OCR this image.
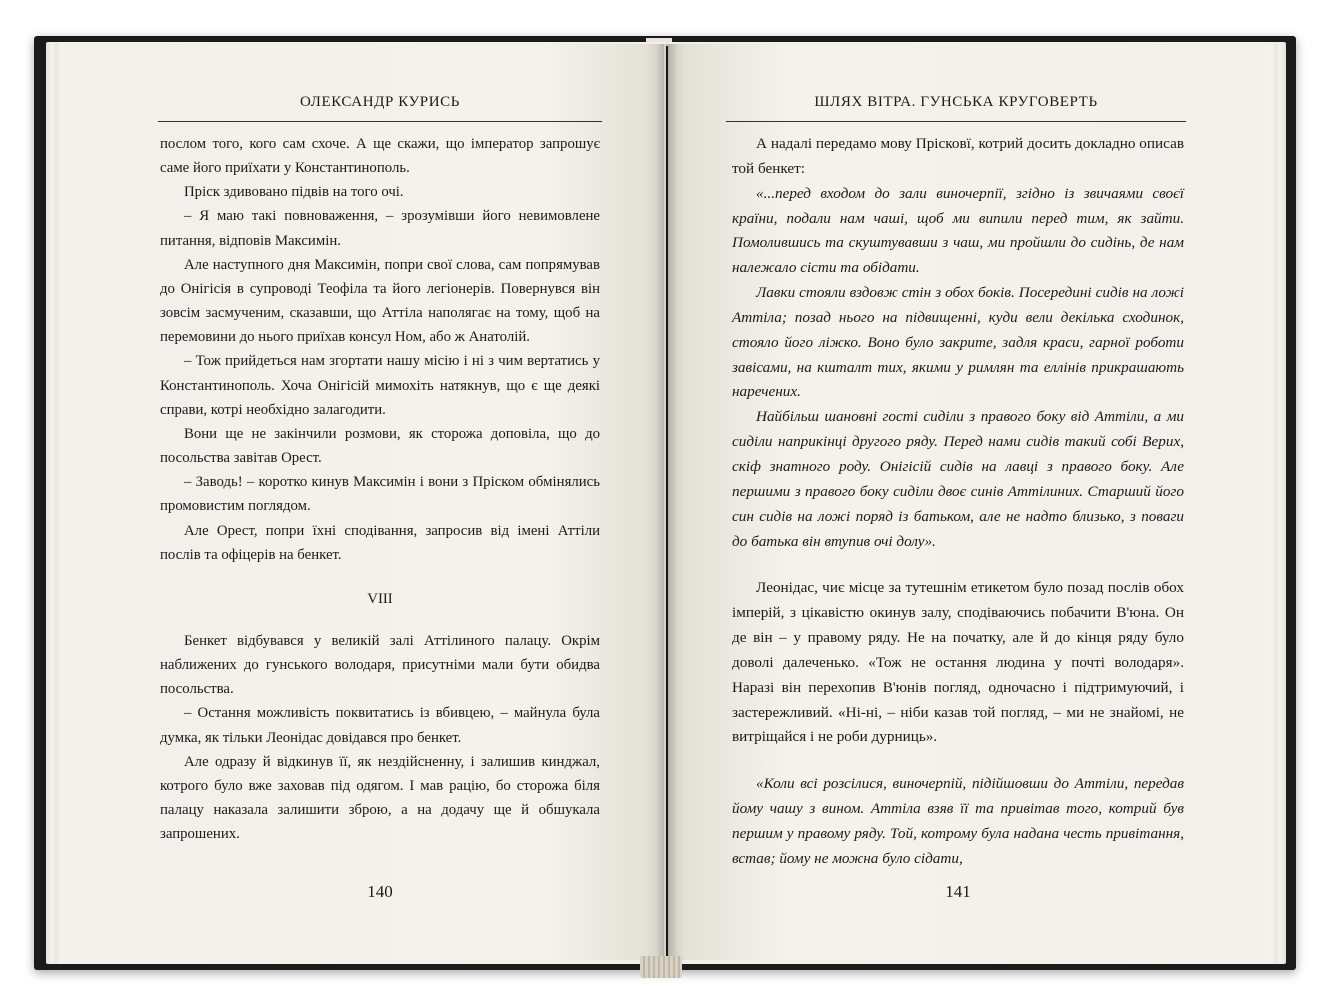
ОЛЕКСАНДР КУРИСЬ

послом того, кого сам схоче. А ще скажи, що імператор запрошує саме його приїхати у Константинополь.

Пріск здивовано підвів на того очі.

– Я маю такі повноваження, – зрозумівши його невимовлене питання, відповів Максимін.

Але наступного дня Максимін, попри свої слова, сам попрямував до Онігісія в супроводі Теофіла та його легіонерів. Повернувся він зовсім засмученим, сказавши, що Аттіла наполягає на тому, щоб на перемовини до нього приїхав консул Ном, або ж Анатолій.

– Тож прийдеться нам згортати нашу місію і ні з чим вертатись у Константинополь. Хоча Онігісій мимохіть натякнув, що є ще деякі справи, котрі необхідно залагодити.

Вони ще не закінчили розмови, як сторожа доповіла, що до посольства завітав Орест.

– Заводь! – коротко кинув Максимін і вони з Пріском обмінялись промовистим поглядом.

Але Орест, попри їхні сподівання, запросив від імені Аттіли послів та офіцерів на бенкет.

VIII

Бенкет відбувався у великій залі Аттілиного палацу. Окрім наближених до гунського володаря, присутніми мали бути обидва посольства.

– Остання можливість поквитатись із вбивцею, – майнула була думка, як тільки Леонідас довідався про бенкет.

Але одразу й відкинув її, як нездійсненну, і залишив кинджал, котрого було вже заховав під одягом. І мав рацію, бо сторожа біля палацу наказала залишити зброю, а на додачу ще й обшукала запрошених.

140
ШЛЯХ ВІТРА. ГУНСЬКА КРУГОВЕРТЬ

А надалі передамо мову Прісковї, котрий досить докладно описав той бенкет:

«...перед входом до зали виночерпії, згідно із звичаями своєї країни, подали нам чаші, щоб ми випили перед тим, як зайти. Помолившись та скуштувавши з чаш, ми пройшли до сидінь, де нам належало сісти та обідати.

Лавки стояли вздовж стін з обох боків. Посередині сидів на ложі Аттіла; позад нього на підвищенні, куди вели декілька сходинок, стояло його ліжко. Воно було закрите, задля краси, гарної роботи завісами, на кшталт тих, якими у римлян та еллінів прикрашають наречених.

Найбільш шановні гості сиділи з правого боку від Аттіли, а ми сиділи наприкінці другого ряду. Перед нами сидів такий собі Верих, скіф знатного роду. Онігісій сидів на лавці з правого боку. Але першими з правого боку сиділи двоє синів Аттілиних. Старший його син сидів на ложі поряд із батьком, але не надто близько, з поваги до батька він втупив очі долу».

Леонідас, чиє місце за тутешнім етикетом було позад послів обох імперій, з цікавістю окинув залу, сподіваючись побачити В'юна. Он де він – у правому ряду. Не на початку, але й до кінця ряду було доволі далеченько. «Тож не остання людина у почті володаря». Наразі він перехопив В'юнів погляд, одночасно і підтримуючий, і застережливий. «Ні-ні, – ніби казав той погляд, – ми не знайомі, не витріщайся і не роби дурниць».

«Коли всі розсілися, виночерпій, підійшовши до Аттіли, передав йому чашу з вином. Аттіла взяв її та привітав того, котрий був першим у правому ряду. Той, котрому була надана честь привітання, встав; йому не можна було сідати,

141
